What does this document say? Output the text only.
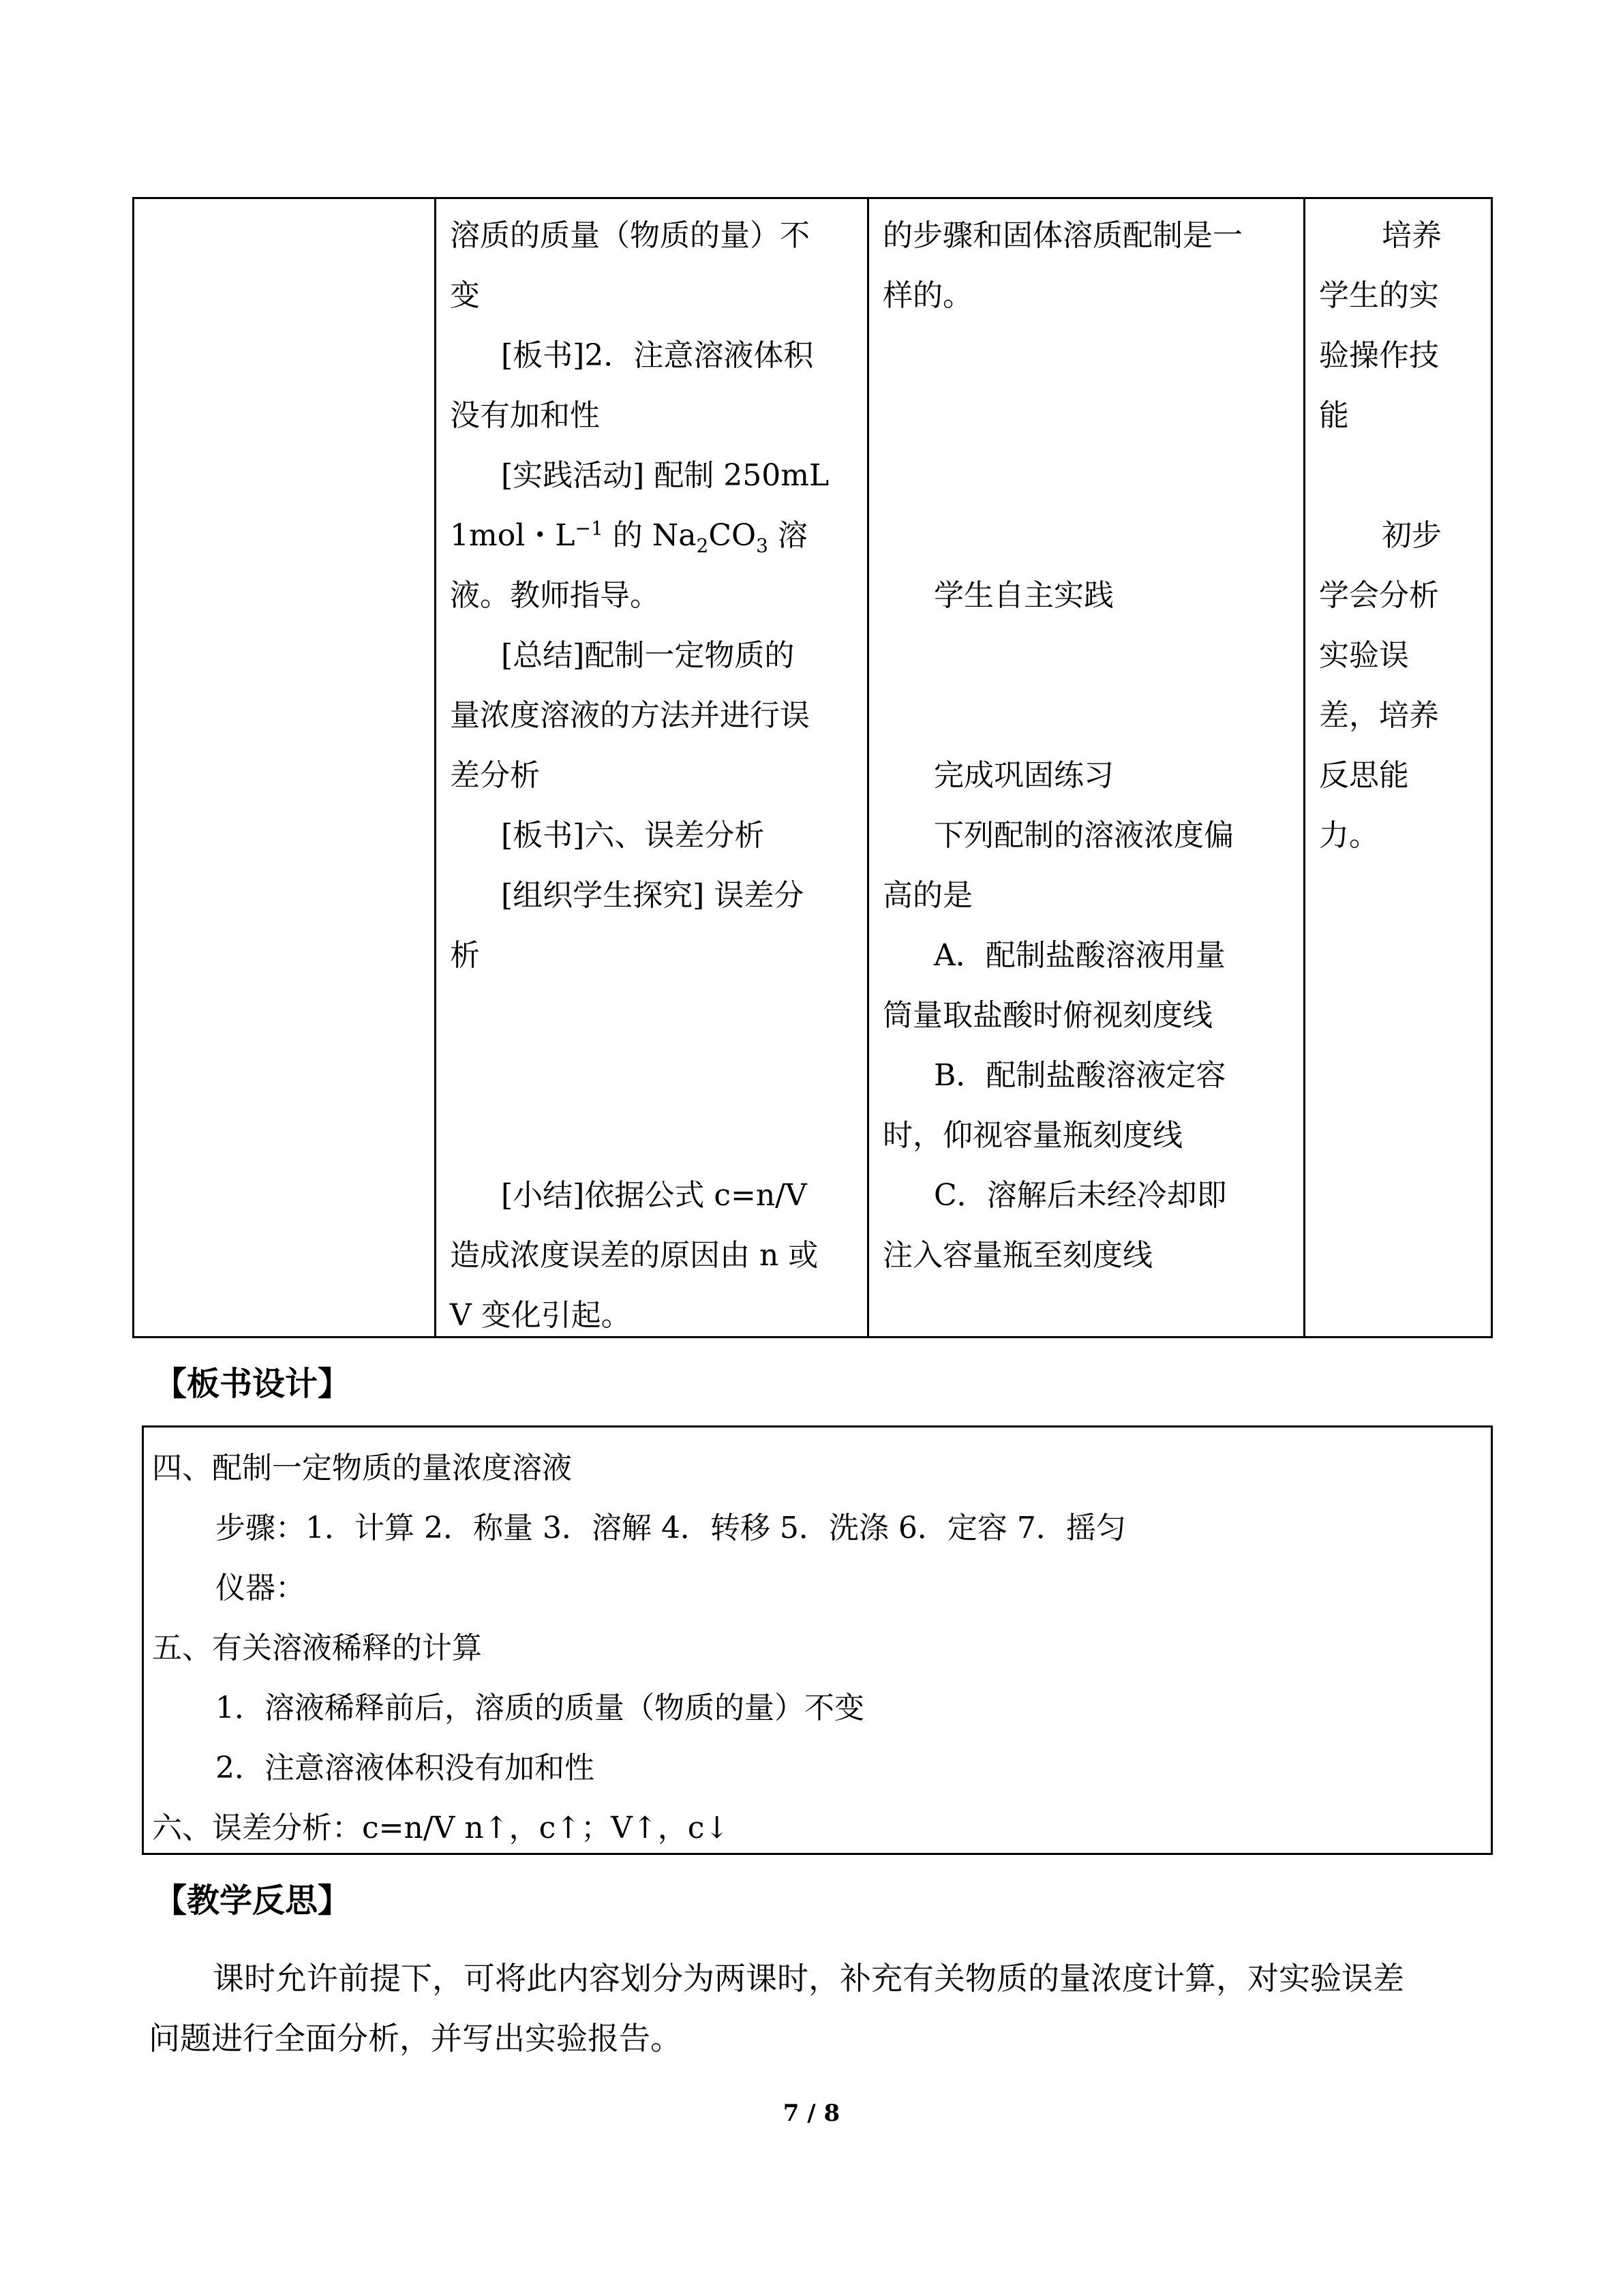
溶质的质量（物质的量）不
变
[板书]2．注意溶液体积
没有加和性
[实践活动] 配制 250mL
1mol・$L^{-1}$ 的 $Na_2CO_3$ 溶
液。教师指导。
[总结]配制一定物质的
量浓度溶液的方法并进行误
差分析
[板书]六、误差分析
[组织学生探究] 误差分
析
[小结]依据公式 c=n/V
造成浓度误差的原因由 n 或
V 变化引起。
的步骤和固体溶质配制是一
样的。
学生自主实践
完成巩固练习
下列配制的溶液浓度偏
高的是
A．配制盐酸溶液用量
筒量取盐酸时俯视刻度线
B．配制盐酸溶液定容
时，仰视容量瓶刻度线
C．溶解后未经冷却即
注入容量瓶至刻度线
培养
学生的实
验操作技
能
初步
学会分析
实验误
差，培养
反思能
力。
【板书设计】
四、配制一定物质的量浓度溶液
步骤：1．计算 2．称量 3．溶解 4．转移 5．洗涤 6．定容 7．摇匀
仪器：
五、有关溶液稀释的计算
1．溶液稀释前后，溶质的质量（物质的量）不变
2．注意溶液体积没有加和性
六、误差分析：c=n/V n↑，c↑；V↑，c↓
【教学反思】
课时允许前提下，可将此内容划分为两课时，补充有关物质的量浓度计算，对实验误差
问题进行全面分析，并写出实验报告。
7 / 8
